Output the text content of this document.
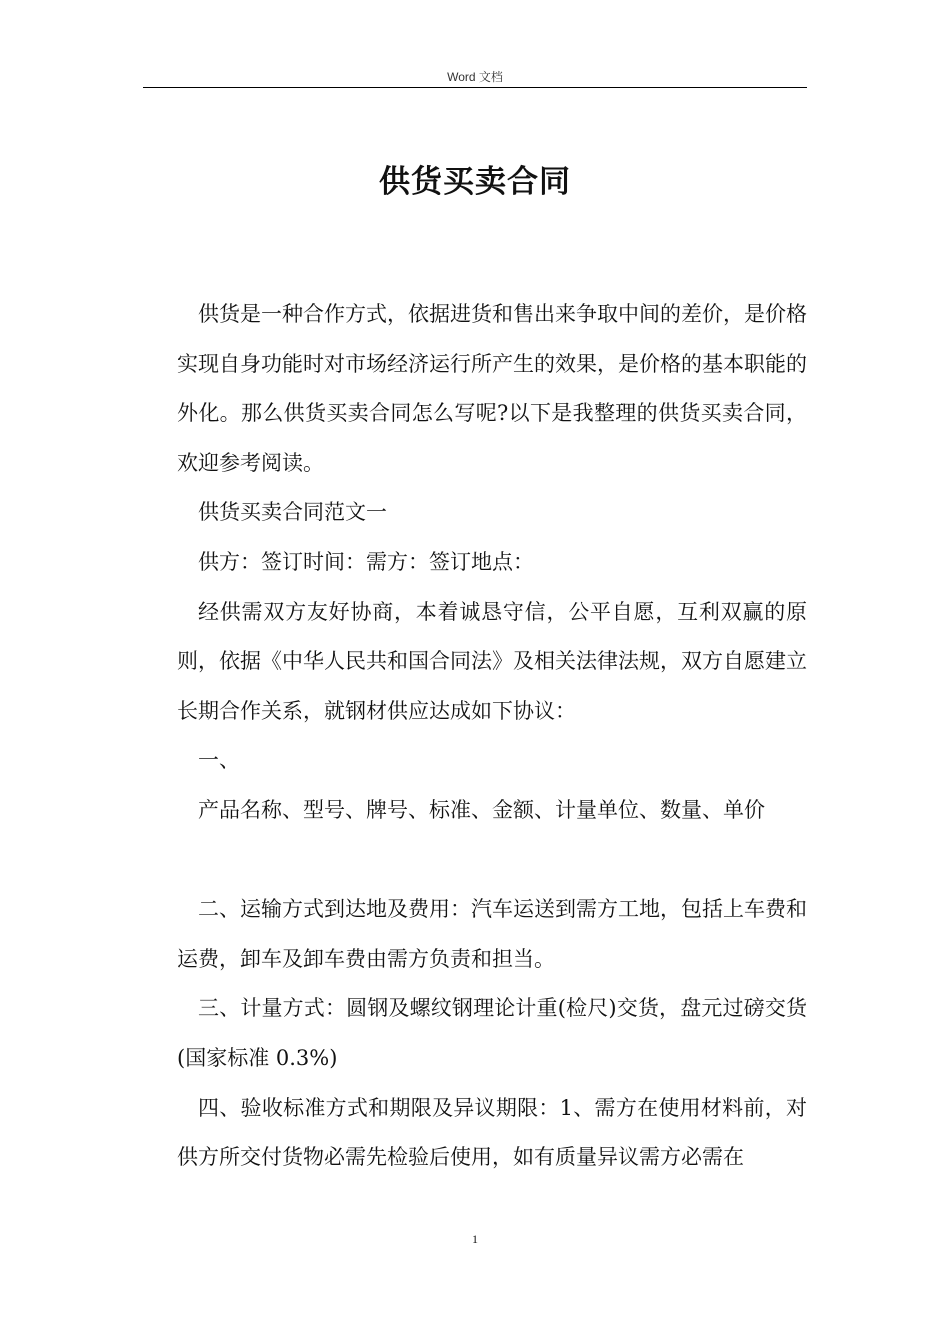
Word 文档
供货买卖合同

供货是一种合作方式，依据进货和售出来争取中间的差价，是价格实现自身功能时对市场经济运行所产生的效果，是价格的基本职能的外化。那么供货买卖合同怎么写呢?以下是我整理的供货买卖合同，欢迎参考阅读。

供货买卖合同范文一

供方：签订时间：需方：签订地点：

经供需双方友好协商，本着诚恳守信，公平自愿，互利双赢的原则，依据《中华人民共和国合同法》及相关法律法规，双方自愿建立长期合作关系，就钢材供应达成如下协议：

一、

产品名称、型号、牌号、标准、金额、计量单位、数量、单价

二、运输方式到达地及费用：汽车运送到需方工地，包括上车费和运费，卸车及卸车费由需方负责和担当。

三、计量方式：圆钢及螺纹钢理论计重(检尺)交货，盘元过磅交货(国家标准 0.3%)

四、验收标准方式和期限及异议期限：1、需方在使用材料前，对供方所交付货物必需先检验后使用，如有质量异议需方必需在

1
